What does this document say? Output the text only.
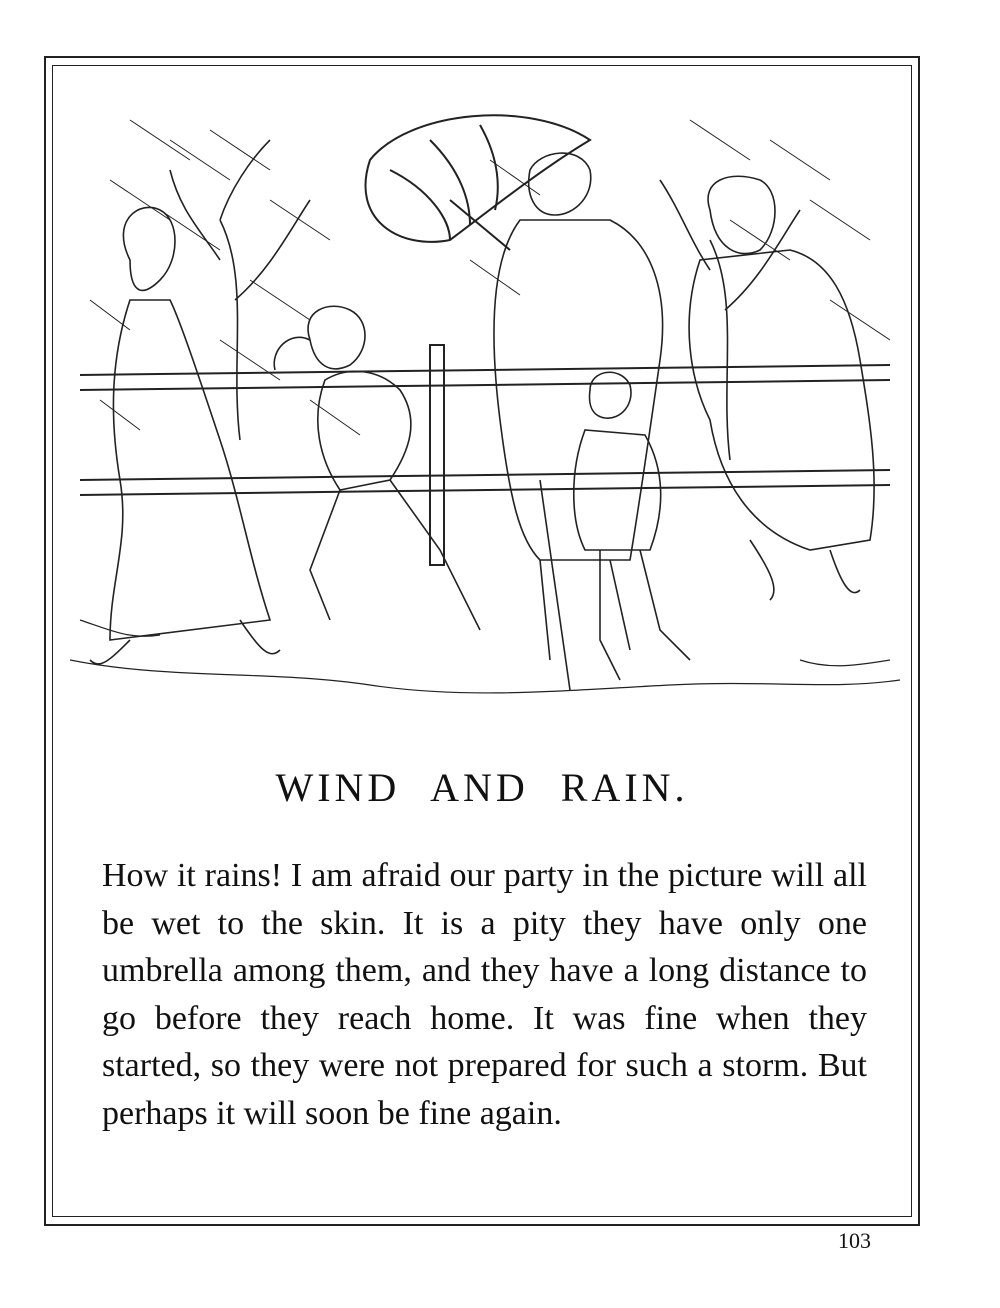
WIND AND RAIN.

How it rains! I am afraid our party in the picture will all be wet to the skin. It is a pity they have only one umbrella among them, and they have a long distance to go before they reach home. It was fine when they started, so they were not prepared for such a storm. But perhaps it will soon be fine again.

103
